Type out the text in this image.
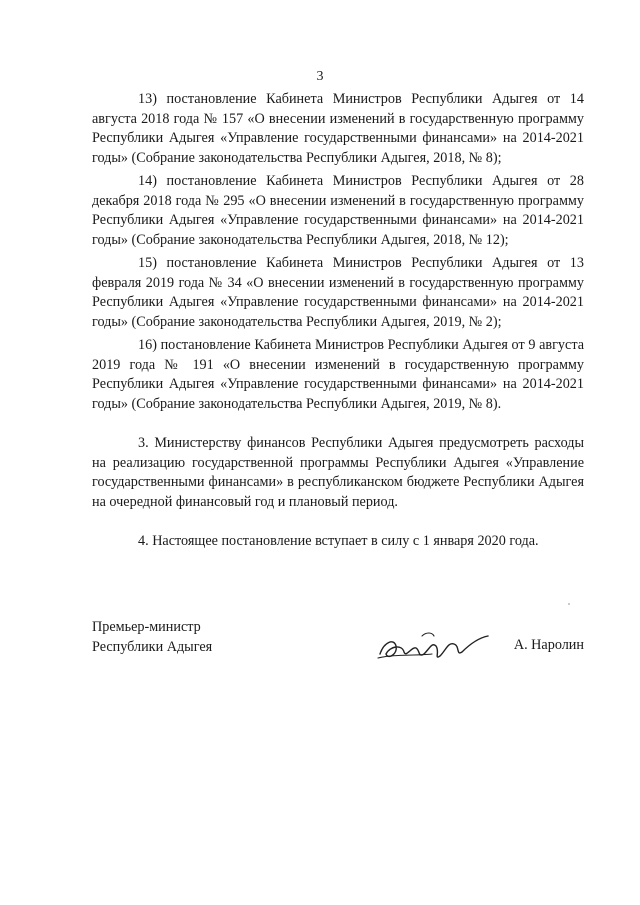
3

13) постановление Кабинета Министров Республики Адыгея от 14 августа 2018 года № 157 «О внесении изменений в государственную программу Республики Адыгея «Управление государственными финансами» на 2014-2021 годы» (Собрание законодательства Республики Адыгея, 2018, № 8);

14) постановление Кабинета Министров Республики Адыгея от 28 декабря 2018 года № 295 «О внесении изменений в государственную программу Республики Адыгея «Управление государственными финансами» на 2014-2021 годы» (Собрание законодательства Республики Адыгея, 2018, № 12);

15) постановление Кабинета Министров Республики Адыгея от 13 февраля 2019 года № 34 «О внесении изменений в государственную программу Республики Адыгея «Управление государственными финансами» на 2014-2021 годы» (Собрание законодательства Республики Адыгея, 2019, № 2);

16) постановление Кабинета Министров Республики Адыгея от 9 августа 2019 года № 191 «О внесении изменений в государственную программу Республики Адыгея «Управление государственными финансами» на 2014-2021 годы» (Собрание законодательства Республики Адыгея, 2019, № 8).

3. Министерству финансов Республики Адыгея предусмотреть расходы на реализацию государственной программы Республики Адыгея «Управление государственными финансами» в республиканском бюджете Республики Адыгея на очередной финансовый год и плановый период.

4. Настоящее постановление вступает в силу с 1 января 2020 года.

Премьер-министр
Республики Адыгея	А. Наролин
